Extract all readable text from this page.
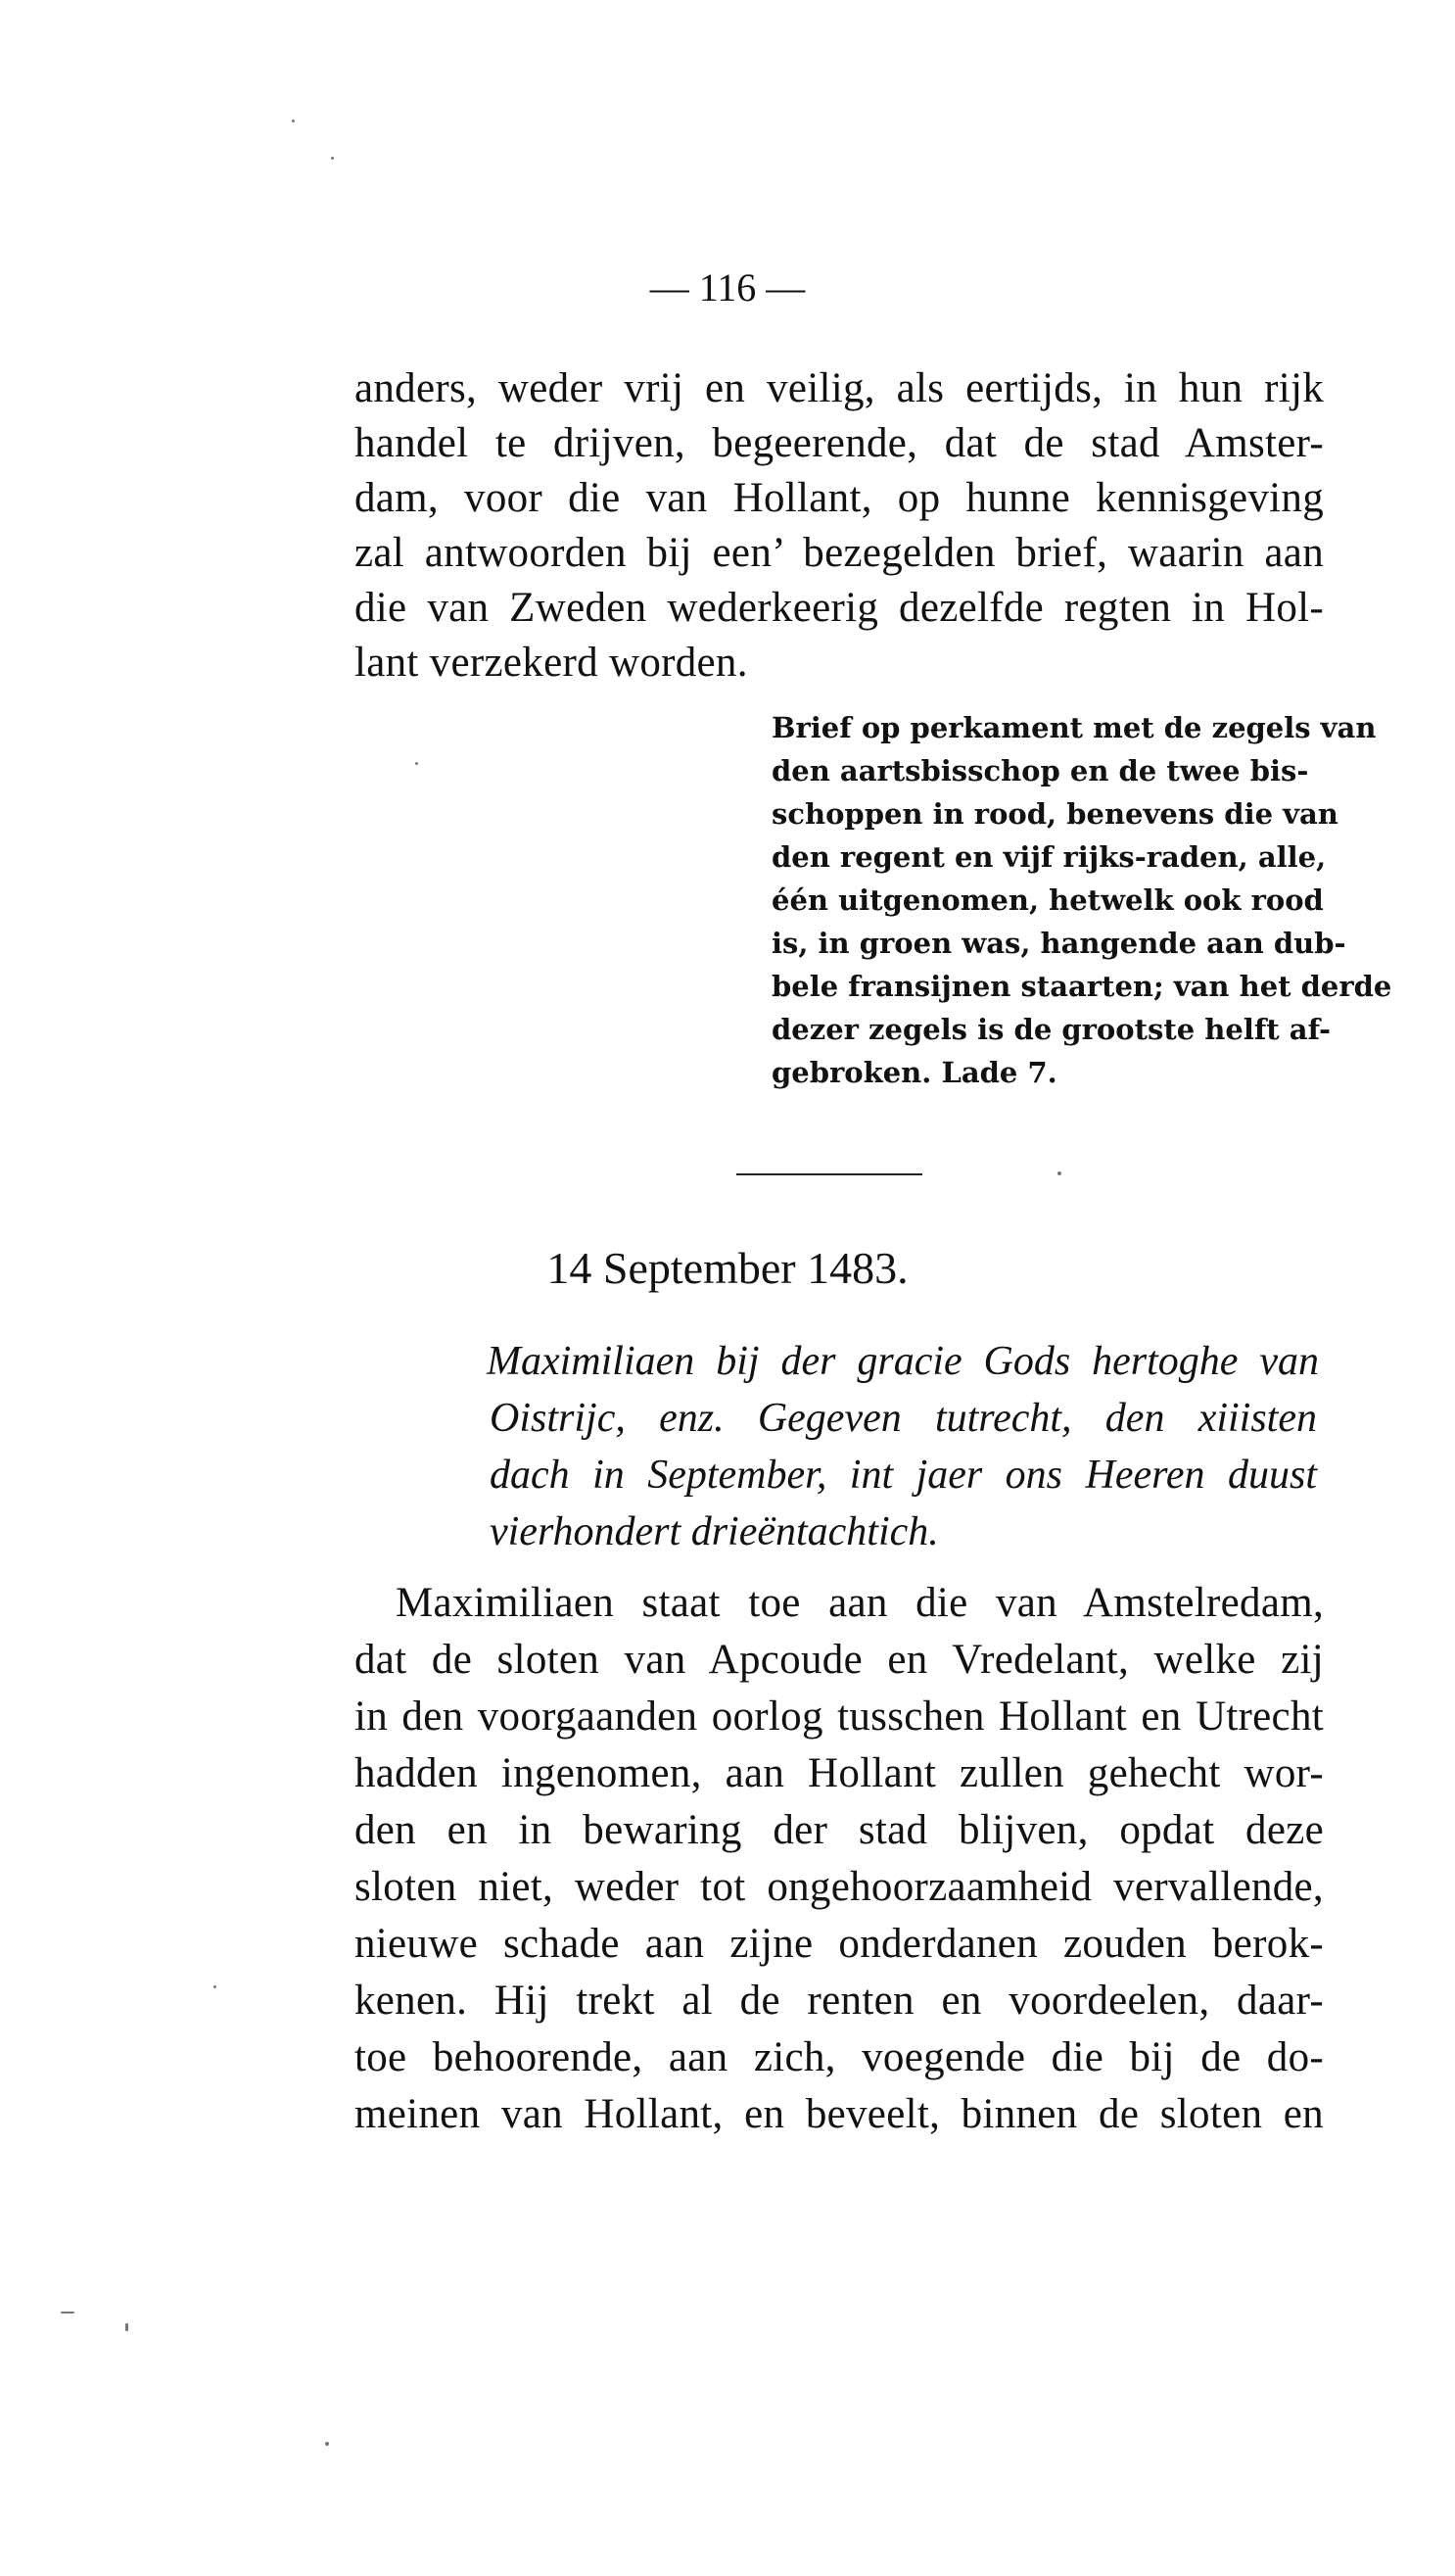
— 116 —
anders, weder vrij en veilig, als eertijds, in hun rijk
handel te drijven, begeerende, dat de stad Amster-
dam, voor die van Hollant, op hunne kennisgeving
zal antwoorden bij een’ bezegelden brief, waarin aan
die van Zweden wederkeerig dezelfde regten in Hol-
lant verzekerd worden.
Brief op perkament met de zegels van
den aartsbisschop en de twee bis-
schoppen in rood, benevens die van
den regent en vijf rijks-raden, alle,
één uitgenomen, hetwelk ook rood
is, in groen was, hangende aan dub-
bele fransijnen staarten; van het derde
dezer zegels is de grootste helft af-
gebroken. Lade 7.
14 September 1483.
Maximiliaen bij der gracie Gods hertoghe van
Oistrijc, enz. Gegeven tutrecht, den xiiisten
dach in September, int jaer ons Heeren duust
vierhondert drieëntachtich.
Maximiliaen staat toe aan die van Amstelredam,
dat de sloten van Apcoude en Vredelant, welke zij
in den voorgaanden oorlog tusschen Hollant en Utrecht
hadden ingenomen, aan Hollant zullen gehecht wor-
den en in bewaring der stad blijven, opdat deze
sloten niet, weder tot ongehoorzaamheid vervallende,
nieuwe schade aan zijne onderdanen zouden berok-
kenen. Hij trekt al de renten en voordeelen, daar-
toe behoorende, aan zich, voegende die bij de do-
meinen van Hollant, en beveelt, binnen de sloten en
